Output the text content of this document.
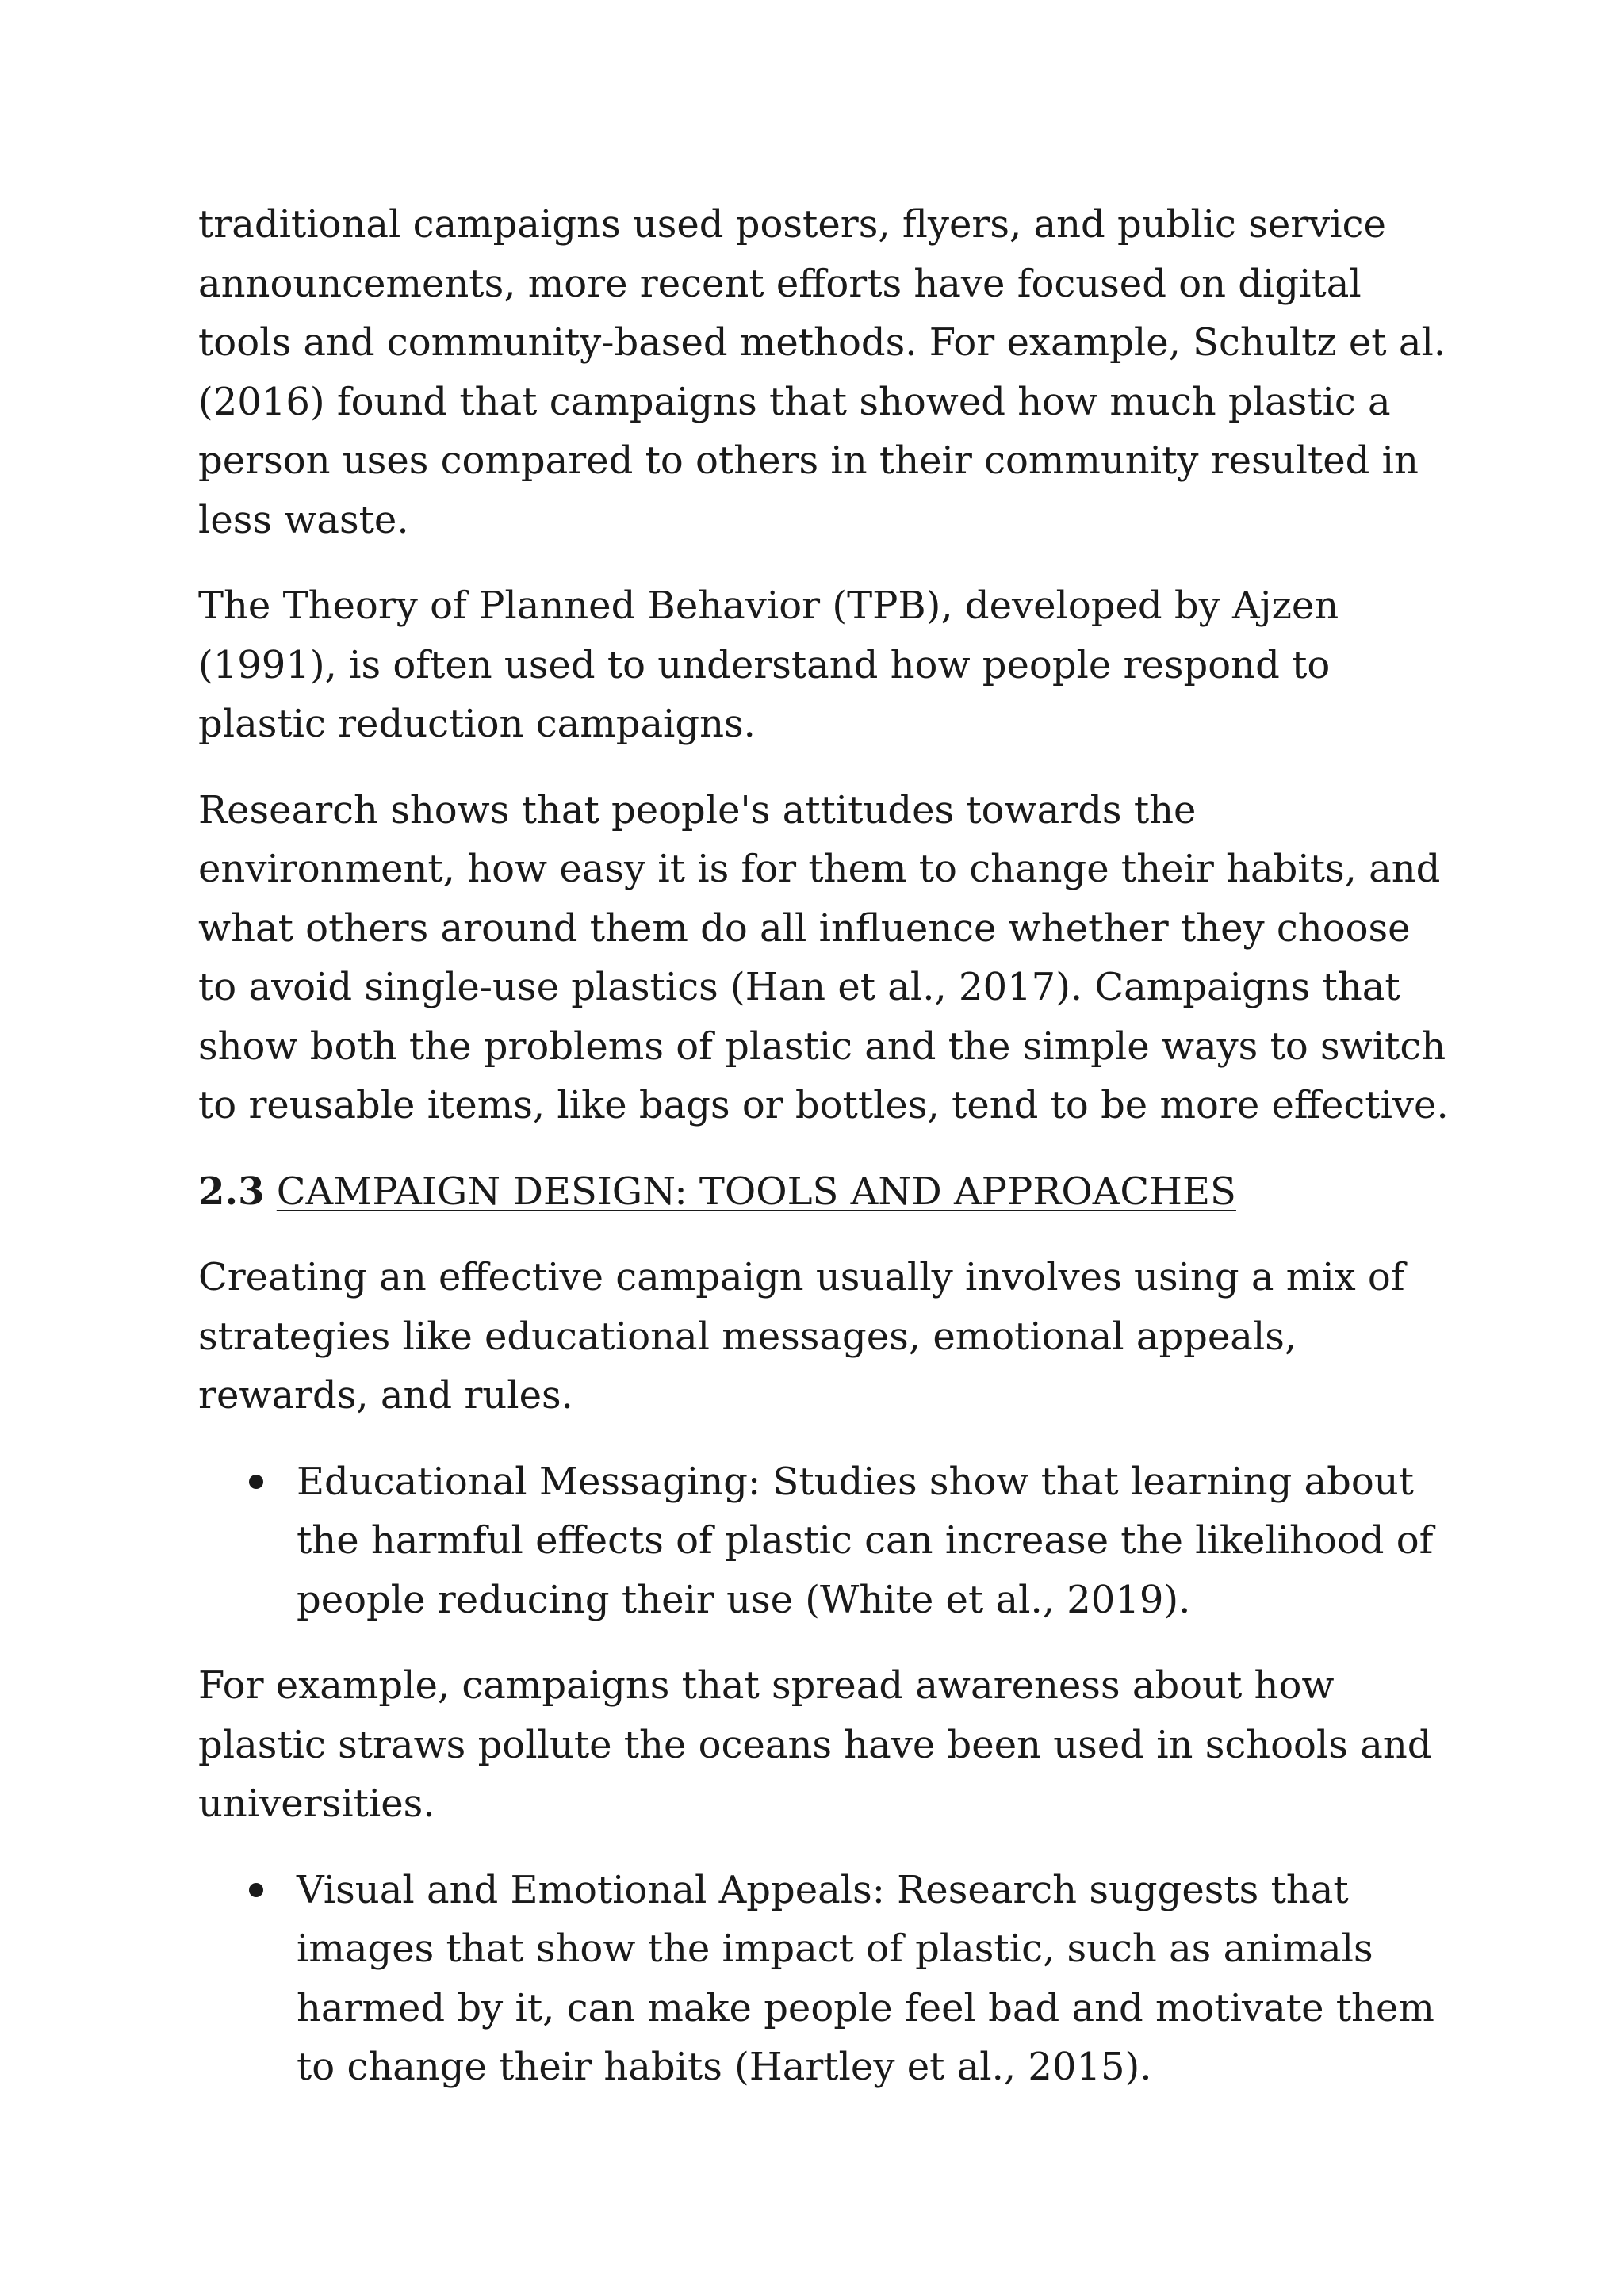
traditional campaigns used posters, flyers, and public service announcements, more recent efforts have focused on digital tools and community-based methods. For example, Schultz et al. (2016) found that campaigns that showed how much plastic a person uses compared to others in their community resulted in less waste.

The Theory of Planned Behavior (TPB), developed by Ajzen (1991), is often used to understand how people respond to plastic reduction campaigns.

Research shows that people's attitudes towards the environment, how easy it is for them to change their habits, and what others around them do all influence whether they choose to avoid single-use plastics (Han et al., 2017). Campaigns that show both the problems of plastic and the simple ways to switch to reusable items, like bags or bottles, tend to be more effective.

2.3 CAMPAIGN DESIGN: TOOLS AND APPROACHES

Creating an effective campaign usually involves using a mix of strategies like educational messages, emotional appeals, rewards, and rules.

Educational Messaging: Studies show that learning about the harmful effects of plastic can increase the likelihood of people reducing their use (White et al., 2019).

For example, campaigns that spread awareness about how plastic straws pollute the oceans have been used in schools and universities.

Visual and Emotional Appeals: Research suggests that images that show the impact of plastic, such as animals harmed by it, can make people feel bad and motivate them to change their habits (Hartley et al., 2015).
